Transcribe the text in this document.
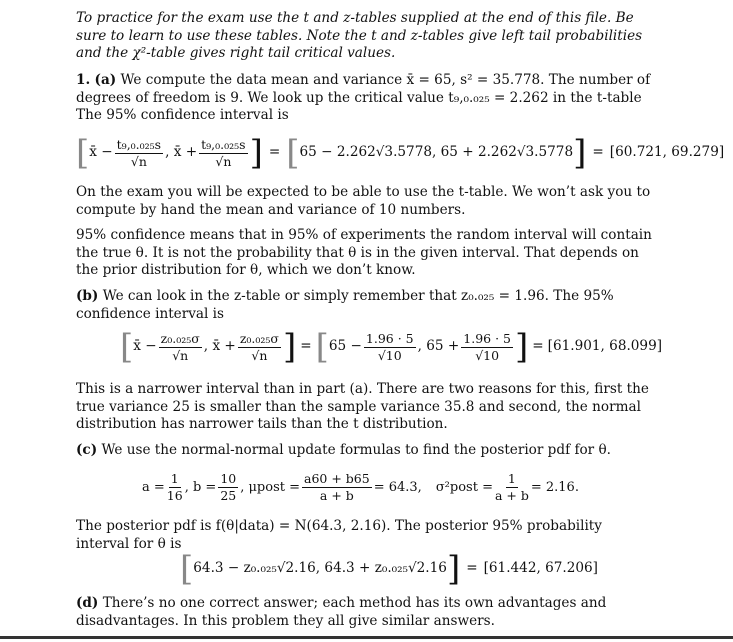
To practice for the exam use the t and z-tables supplied at the end of this file. Be sure to learn to use these tables. Note the t and z-tables give left tail probabilities and the χ²-table gives right tail critical values.

1. (a) We compute the data mean and variance x̄ = 65, s² = 35.778. The number of degrees of freedom is 9. We look up the critical value t₉,₀.₀₂₅ = 2.262 in the t-table The 95% confidence interval is

[ x̄ − $\frac{\text{t₉,₀.₀₂₅s}}{√n}$ , x̄ + $\frac{\text{t₉,₀.₀₂₅s}}{√n}$ ] = [ 65 − 2.262√3.5778, 65 + 2.262√3.5778 ] = [60.721, 69.279]

On the exam you will be expected to be able to use the t-table. We won’t ask you to compute by hand the mean and variance of 10 numbers.

95% confidence means that in 95% of experiments the random interval will contain the true θ. It is not the probability that θ is in the given interval. That depends on the prior distribution for θ, which we don’t know.

(b) We can look in the z-table or simply remember that z₀.₀₂₅ = 1.96. The 95% confidence interval is

[ x̄ − $\frac{\text{z₀.₀₂₅σ}}{√n}$ , x̄ + $\frac{\text{z₀.₀₂₅σ}}{√n}$ ] = [ $65 - \frac{1.96 \cdot 5}{√10}$ , $65 + \frac{1.96 \cdot 5}{√10}$ ] = [61.901, 68.099]

This is a narrower interval than in part (a). There are two reasons for this, first the true variance 25 is smaller than the sample variance 35.8 and second, the normal distribution has narrower tails than the t distribution.

(c) We use the normal-normal update formulas to find the posterior pdf for θ.

$a = \frac{1}{16}$ , $b = \frac{10}{25}$ , μpost = $\frac{a60 + b65}{a + b} = 64.3$, σ²post = $\frac{1}{a + b} = 2.16$.

The posterior pdf is f(θ|data) = N(64.3, 2.16). The posterior 95% probability interval for θ is

[ 64.3 − z₀.₀₂₅√2.16, 64.3 + z₀.₀₂₅√2.16 ] = [61.442, 67.206]

(d) There’s no one correct answer; each method has its own advantages and disadvantages. In this problem they all give similar answers.
